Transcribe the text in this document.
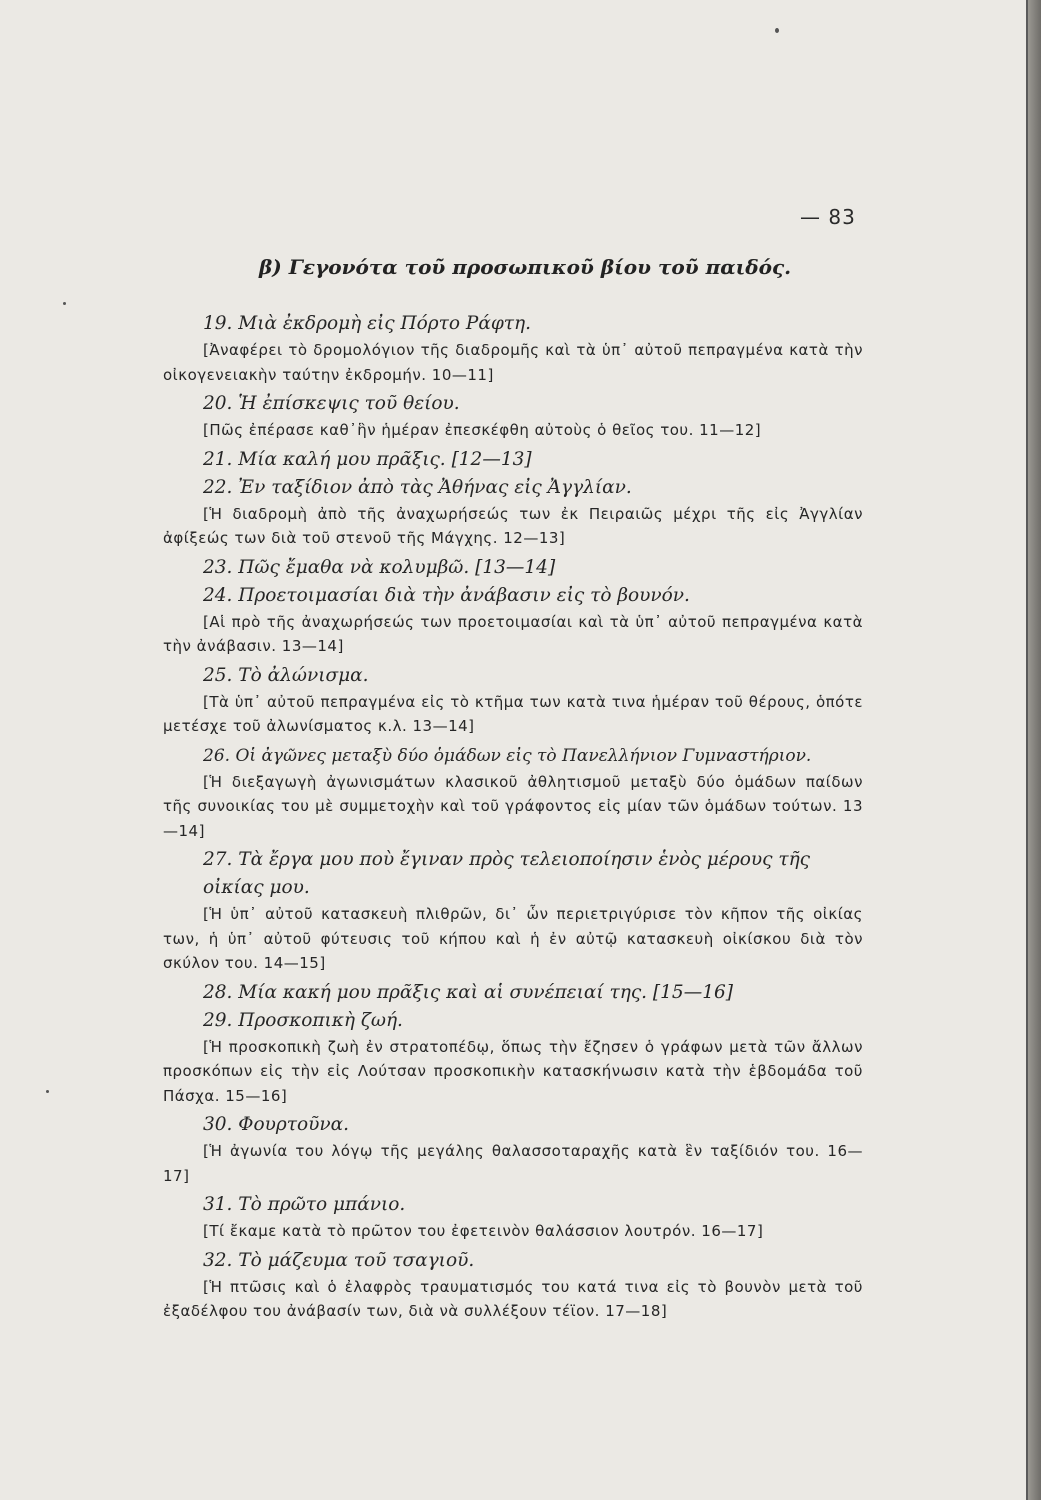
— 83
β) Γεγονότα τοῦ προσωπικοῦ βίου τοῦ παιδός.
19. Μιὰ ἐκδρομὴ εἰς Πόρτο Ράφτη.
[Ἀναφέρει τὸ δρομολόγιον τῆς διαδρομῆς καὶ τὰ ὑπ᾽ αὐτοῦ πεπραγμένα κατὰ τὴν οἰκογενειακὴν ταύτην ἐκδρομήν. 10—11]
20. Ἡ ἐπίσκεψις τοῦ θείου.
[Πῶς ἐπέρασε καθ᾽ἣν ἡμέραν ἐπεσκέφθη αὐτοὺς ὁ θεῖος του. 11—12]
21. Μία καλή μου πρᾶξις. [12—13]
22. Ἐν ταξίδιον ἀπὸ τὰς Ἀθήνας εἰς Ἀγγλίαν.
[Ἡ διαδρομὴ ἀπὸ τῆς ἀναχωρήσεώς των ἐκ Πειραιῶς μέχρι τῆς εἰς Ἀγγλίαν ἀφίξεώς των διὰ τοῦ στενοῦ τῆς Μάγχης. 12—13]
23. Πῶς ἔμαθα νὰ κολυμβῶ. [13—14]
24. Προετοιμασίαι διὰ τὴν ἀνάβασιν εἰς τὸ βουνόν.
[Αἱ πρὸ τῆς ἀναχωρήσεώς των προετοιμασίαι καὶ τὰ ὑπ᾽ αὐτοῦ πεπραγμένα κατὰ τὴν ἀνάβασιν. 13—14]
25. Τὸ ἀλώνισμα.
[Τὰ ὑπ᾽ αὐτοῦ πεπραγμένα εἰς τὸ κτῆμα των κατὰ τινα ἡμέραν τοῦ θέρους, ὁπότε μετέσχε τοῦ ἀλωνίσματος κ.λ. 13—14]
26. Οἱ ἀγῶνες μεταξὺ δύο ὁμάδων εἰς τὸ Πανελλήνιον Γυμναστήριον.
[Ἡ διεξαγωγὴ ἀγωνισμάτων κλασικοῦ ἀθλητισμοῦ μεταξὺ δύο ὁμάδων παίδων τῆς συνοικίας του μὲ συμμετοχὴν καὶ τοῦ γράφοντος εἰς μίαν τῶν ὁμάδων τούτων. 13—14]
27. Τὰ ἔργα μου ποὺ ἔγιναν πρὸς τελειοποίησιν ἑνὸς μέρους τῆς οἰκίας μου.
[Ἡ ὑπ᾽ αὐτοῦ κατασκευὴ πλιθρῶν, δι᾽ ὧν περιετριγύρισε τὸν κῆπον τῆς οἰκίας των, ἡ ὑπ᾽ αὐτοῦ φύτευσις τοῦ κήπου καὶ ἡ ἐν αὐτῷ κατασκευὴ οἰκίσκου διὰ τὸν σκύλον του. 14—15]
28. Μία κακή μου πρᾶξις καὶ αἱ συνέπειαί της. [15—16]
29. Προσκοπικὴ ζωή.
[Ἡ προσκοπικὴ ζωὴ ἐν στρατοπέδῳ, ὅπως τὴν ἔζησεν ὁ γράφων μετὰ τῶν ἄλλων προσκόπων εἰς τὴν εἰς Λούτσαν προσκοπικὴν κατασκήνωσιν κατὰ τὴν ἑβδομάδα τοῦ Πάσχα. 15—16]
30. Φουρτοῦνα.
[Ἡ ἀγωνία του λόγῳ τῆς μεγάλης θαλασσοταραχῆς κατὰ ἓν ταξίδιόν του. 16—17]
31. Τὸ πρῶτο μπάνιο.
[Τί ἔκαμε κατὰ τὸ πρῶτον του ἐφετεινὸν θαλάσσιον λουτρόν. 16—17]
32. Τὸ μάζευμα τοῦ τσαγιοῦ.
[Ἡ πτῶσις καὶ ὁ ἐλαφρὸς τραυματισμός του κατά τινα εἰς τὸ βουνὸν μετὰ τοῦ ἐξαδέλφου του ἀνάβασίν των, διὰ νὰ συλλέξουν τέϊον. 17—18]
